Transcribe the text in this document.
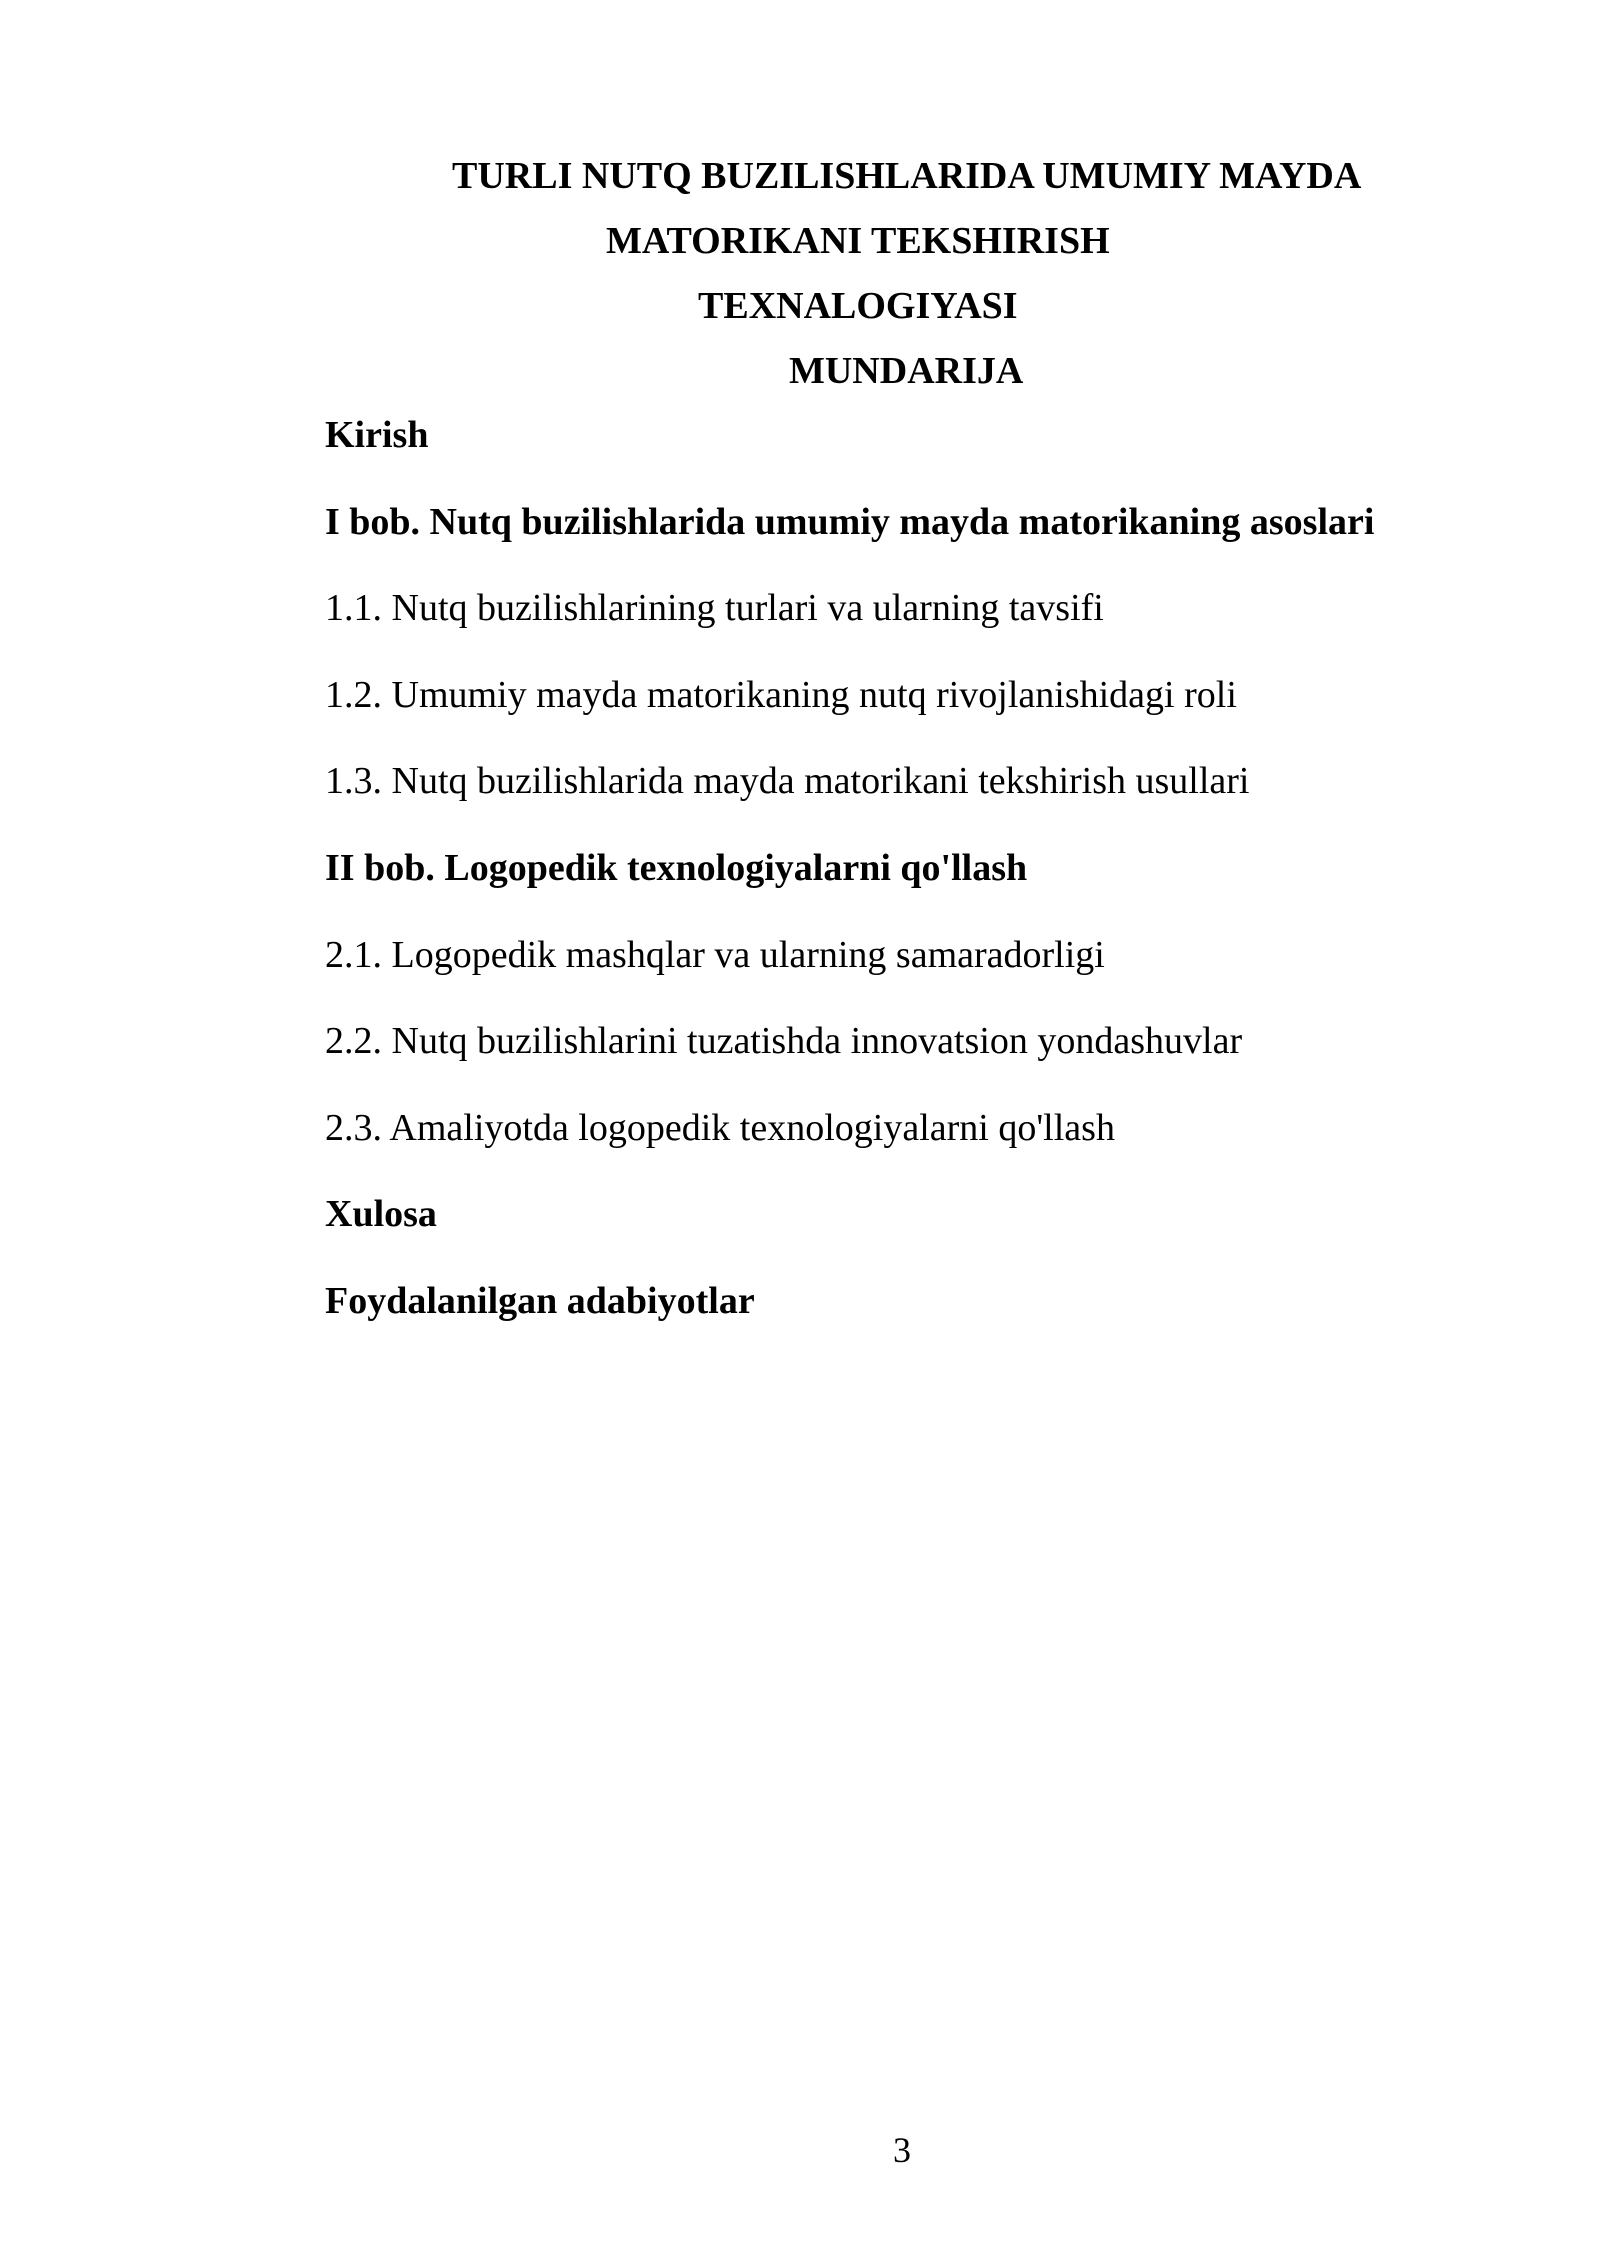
TURLI NUTQ BUZILISHLARIDA UMUMIY MAYDA
MATORIKANI TEKSHIRISH
TEXNALOGIYASI
MUNDARIJA
Kirish
I bob. Nutq buzilishlarida umumiy mayda matorikaning asoslari
1.1. Nutq buzilishlarining turlari va ularning tavsifi
1.2. Umumiy mayda matorikaning nutq rivojlanishidagi roli
1.3. Nutq buzilishlarida mayda matorikani tekshirish usullari
II bob. Logopedik texnologiyalarni qo'llash
2.1. Logopedik mashqlar va ularning samaradorligi
2.2. Nutq buzilishlarini tuzatishda innovatsion yondashuvlar
2.3. Amaliyotda logopedik texnologiyalarni qo'llash
Xulosa
Foydalanilgan adabiyotlar
3
